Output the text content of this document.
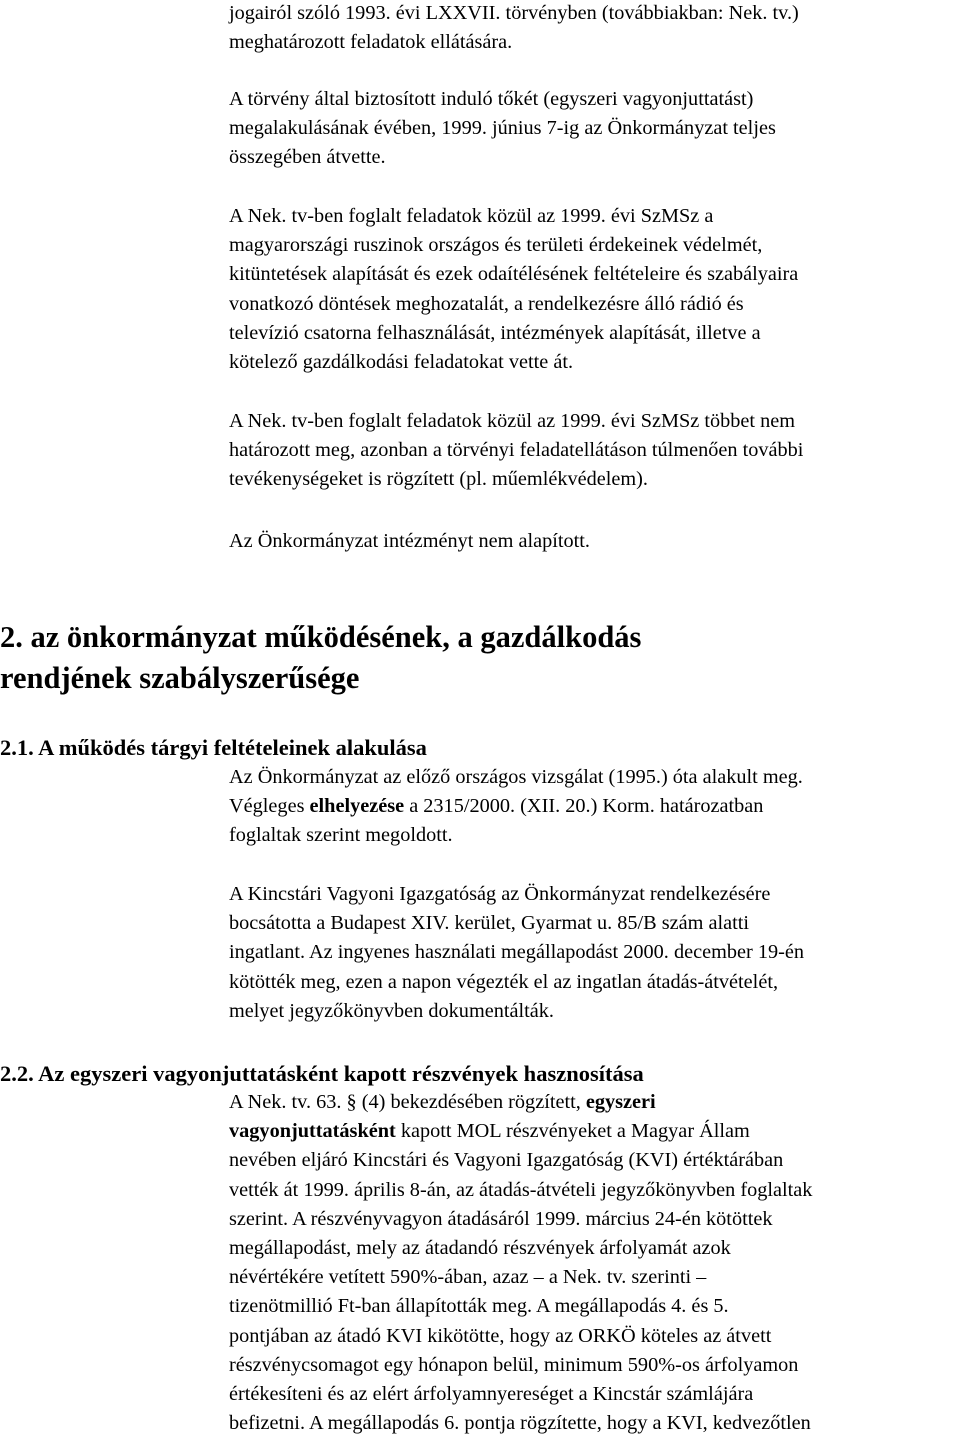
jogairól szóló 1993. évi LXXVII. törvényben (továbbiakban: Nek. tv.)
meghatározott feladatok ellátására.

A törvény által biztosított induló tőkét (egyszeri vagyonjuttatást)
megalakulásának évében, 1999. június 7-ig az Önkormányzat teljes
összegében átvette.

A Nek. tv-ben foglalt feladatok közül az 1999. évi SzMSz a
magyarországi ruszinok országos és területi érdekeinek védelmét,
kitüntetések alapítását és ezek odaítélésének feltételeire és szabályaira
vonatkozó döntések meghozatalát, a rendelkezésre álló rádió és
televízió csatorna felhasználását, intézmények alapítását, illetve a
kötelező gazdálkodási feladatokat vette át.

A Nek. tv-ben foglalt feladatok közül az 1999. évi SzMSz többet nem
határozott meg, azonban a törvényi feladatellátáson túlmenően további
tevékenységeket is rögzített (pl. műemlékvédelem).

Az Önkormányzat intézményt nem alapított.

2. az önkormányzat működésének, a gazdálkodás
rendjének szabályszerűsége
2.1. A működés tárgyi feltételeinek alakulása

Az Önkormányzat az előző országos vizsgálat (1995.) óta alakult meg.
Végleges elhelyezése a 2315/2000. (XII. 20.) Korm. határozatban
foglaltak szerint megoldott.

A Kincstári Vagyoni Igazgatóság az Önkormányzat rendelkezésére
bocsátotta a Budapest XIV. kerület, Gyarmat u. 85/B szám alatti
ingatlant. Az ingyenes használati megállapodást 2000. december 19-én
kötötték meg, ezen a napon végezték el az ingatlan átadás-átvételét,
melyet jegyzőkönyvben dokumentálták.

2.2. Az egyszeri vagyonjuttatásként kapott részvények hasznosítása

A Nek. tv. 63. § (4) bekezdésében rögzített, egyszeri
vagyonjuttatásként kapott MOL részvényeket a Magyar Állam
nevében eljáró Kincstári és Vagyoni Igazgatóság (KVI) értéktárában
vették át 1999. április 8-án, az átadás-átvételi jegyzőkönyvben foglaltak
szerint. A részvényvagyon átadásáról 1999. március 24-én kötöttek
megállapodást, mely az átadandó részvények árfolyamát azok
névértékére vetített 590%-ában, azaz – a Nek. tv. szerinti –
tizenötmillió Ft-ban állapították meg. A megállapodás 4. és 5.
pontjában az átadó KVI kikötötte, hogy az ORKÖ köteles az átvett
részvénycsomagot egy hónapon belül, minimum 590%-os árfolyamon
értékesíteni és az elért árfolyamnyereséget a Kincstár számlájára
befizetni. A megállapodás 6. pontja rögzítette, hogy a KVI, kedvezőtlen
